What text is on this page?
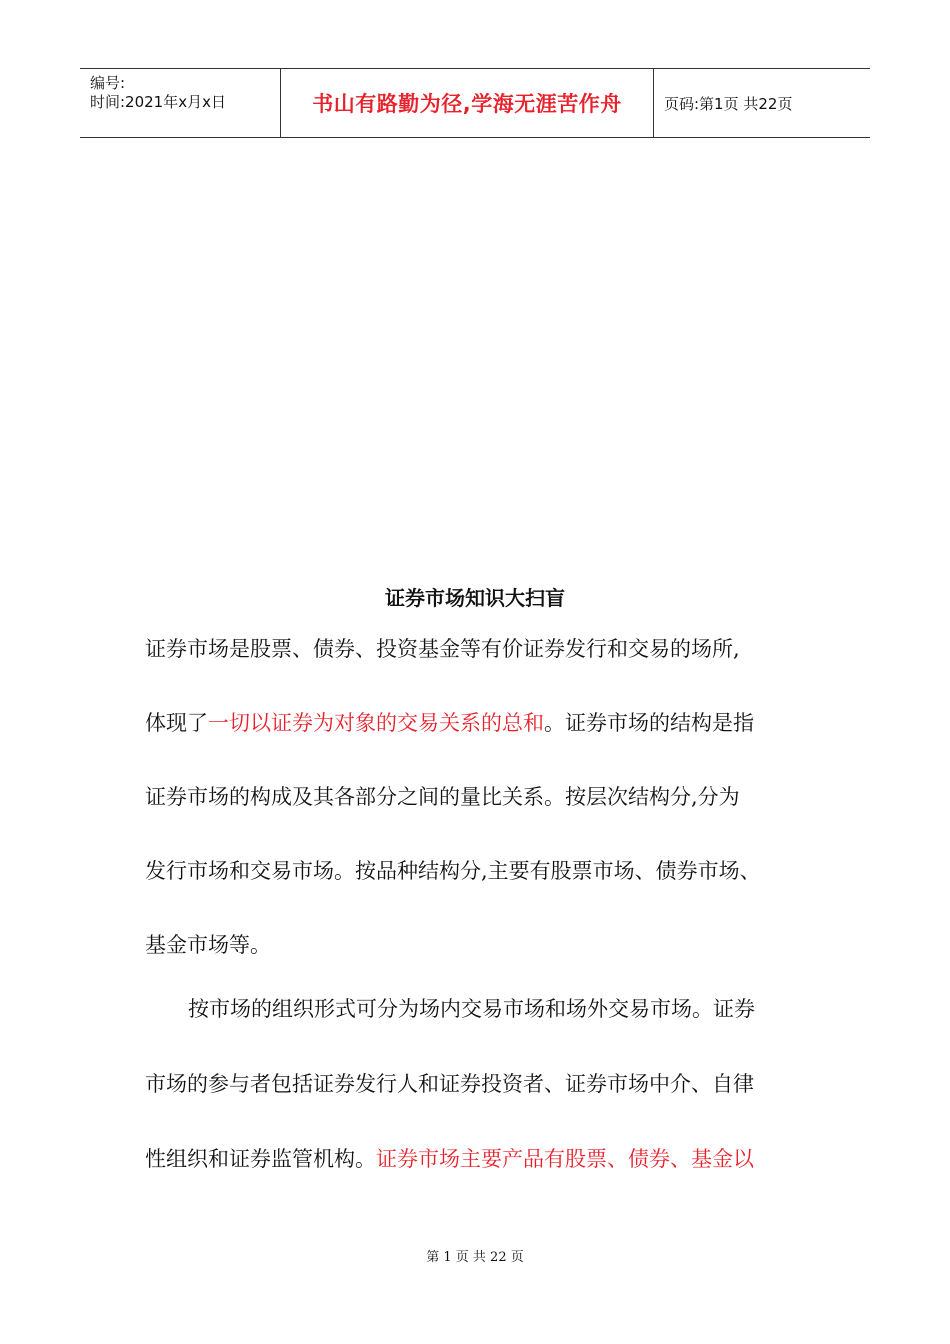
编号:
时间:2021年x月x日	书山有路勤为径,学海无涯苦作舟	页码:第1页 共22页
证券市场知识大扫盲
证券市场是股票、债券、投资基金等有价证券发行和交易的场所,
体现了一切以证券为对象的交易关系的总和。证券市场的结构是指
证券市场的构成及其各部分之间的量比关系。按层次结构分,分为
发行市场和交易市场。按品种结构分,主要有股票市场、债券市场、
基金市场等。
按市场的组织形式可分为场内交易市场和场外交易市场。证券
市场的参与者包括证券发行人和证券投资者、证券市场中介、自律
性组织和证券监管机构。证券市场主要产品有股票、债券、基金以
第 1 页 共 22 页
